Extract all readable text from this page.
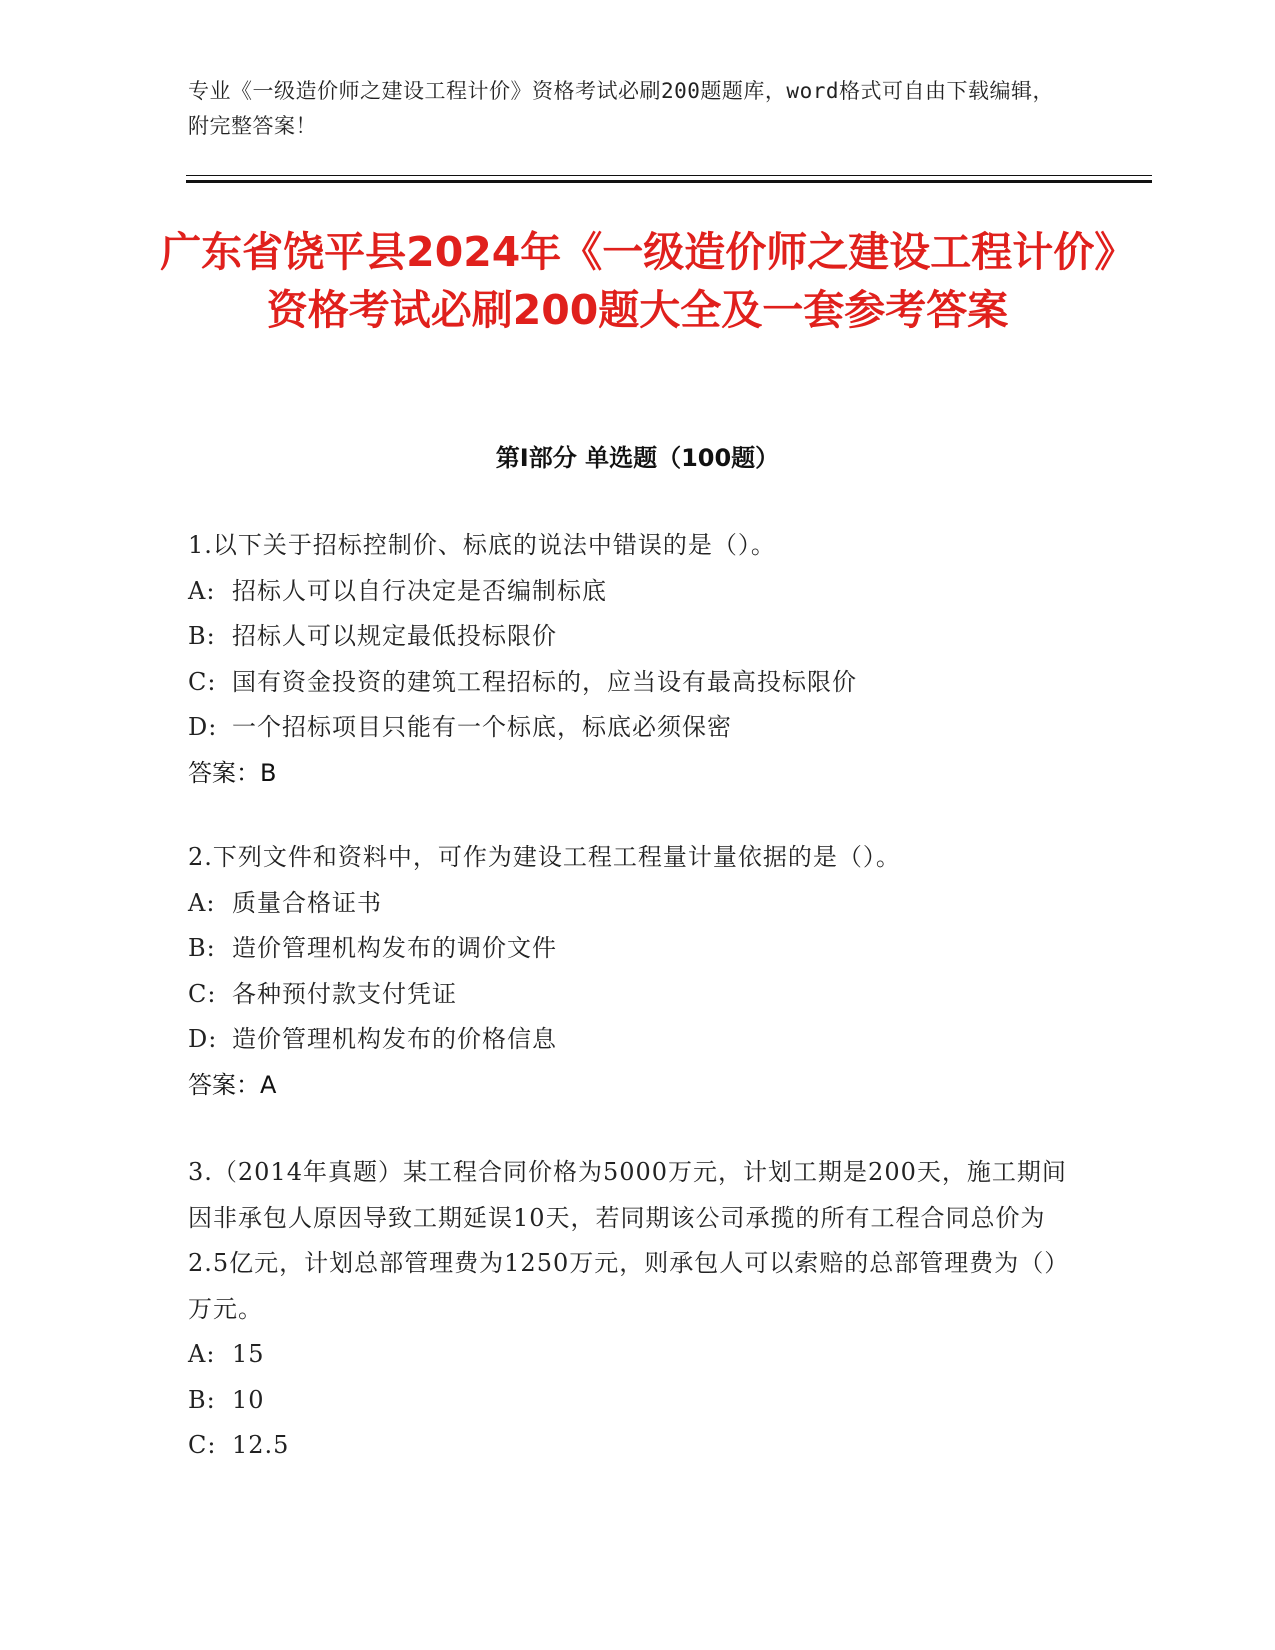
专业《一级造价师之建设工程计价》资格考试必刷200题题库，word格式可自由下载编辑，附完整答案！
广东省饶平县2024年《一级造价师之建设工程计价》资格考试必刷200题大全及一套参考答案
第Ⅰ部分 单选题（100题）
1.以下关于招标控制价、标底的说法中错误的是（）。
A: 招标人可以自行决定是否编制标底
B: 招标人可以规定最低投标限价
C: 国有资金投资的建筑工程招标的，应当设有最高投标限价
D: 一个招标项目只能有一个标底，标底必须保密
答案：B
2.下列文件和资料中，可作为建设工程工程量计量依据的是（）。
A: 质量合格证书
B: 造价管理机构发布的调价文件
C: 各种预付款支付凭证
D: 造价管理机构发布的价格信息
答案：A
3.（2014年真题）某工程合同价格为5000万元，计划工期是200天，施工期间因非承包人原因导致工期延误10天，若同期该公司承揽的所有工程合同总价为2.5亿元，计划总部管理费为1250万元，则承包人可以索赔的总部管理费为（）万元。
A: 15
B: 10
C: 12.5
